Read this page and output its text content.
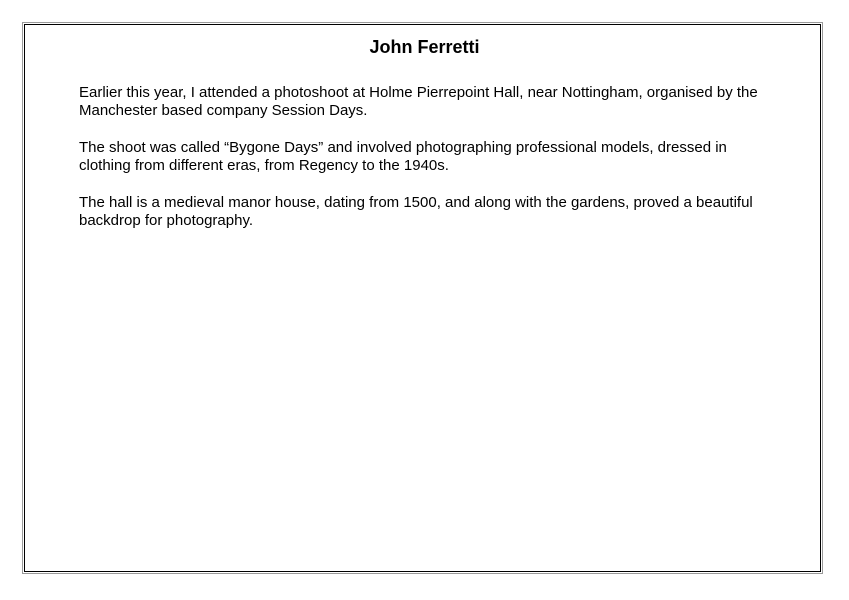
John Ferretti

Earlier this year, I attended a photoshoot at Holme Pierrepoint Hall, near Nottingham, organised by the Manchester based company Session Days.

The shoot was called “Bygone Days” and involved photographing professional models, dressed in clothing from different eras, from Regency to the 1940s.

The hall is a medieval manor house, dating from 1500, and along with the gardens, proved a beautiful backdrop for photography.
